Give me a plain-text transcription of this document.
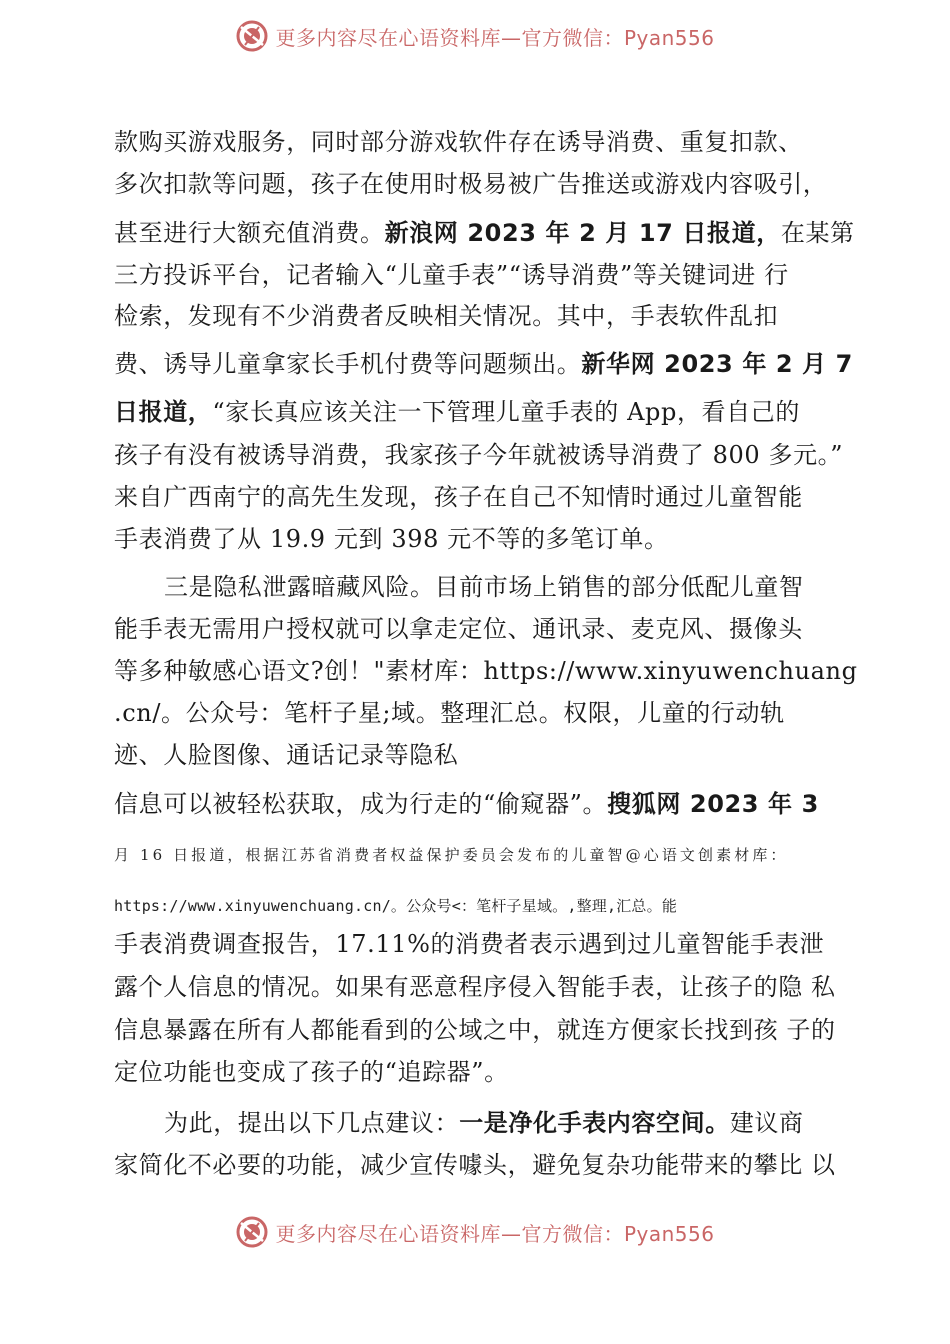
更多内容尽在心语资料库—官方微信：Pyan556
款购买游戏服务，同时部分游戏软件存在诱导消费、重复扣款、
多次扣款等问题，孩子在使用时极易被广告推送或游戏内容吸引，
甚至进行大额充值消费。新浪网 2023 年 2 月 17 日报道，在某第
三方投诉平台，记者输入“儿童手表”“诱导消费”等关键词进 行
检索，发现有不少消费者反映相关情况。其中，手表软件乱扣
费、诱导儿童拿家长手机付费等问题频出。新华网 2023 年 2 月 7
日报道，“家长真应该关注一下管理儿童手表的 App，看自己的
孩子有没有被诱导消费，我家孩子今年就被诱导消费了 800 多元。”
来自广西南宁的高先生发现，孩子在自己不知情时通过儿童智能
手表消费了从 19.9 元到 398 元不等的多笔订单。
三是隐私泄露暗藏风险。目前市场上销售的部分低配儿童智
能手表无需用户授权就可以拿走定位、通讯录、麦克风、摄像头
等多种敏感心语文?创！"素材库：https://www.xinyuwenchuang
.cn/。公众号：笔杆子星;域。整理汇总。权限，儿童的行动轨
迹、人脸图像、通话记录等隐私
信息可以被轻松获取，成为行走的“偷窥器”。搜狐网 2023 年 3
月 16 日报道，根据江苏省消费者权益保护委员会发布的儿童智@心语文创素材库：
https://www.xinyuwenchuang.cn/。公众号<：笔杆子星域。,整理,汇总。能
手表消费调查报告，17.11%的消费者表示遇到过儿童智能手表泄
露个人信息的情况。如果有恶意程序侵入智能手表，让孩子的隐 私
信息暴露在所有人都能看到的公域之中，就连方便家长找到孩 子的
定位功能也变成了孩子的“追踪器”。
为此，提出以下几点建议：一是净化手表内容空间。建议商
家简化不必要的功能，减少宣传噱头，避免复杂功能带来的攀比 以
更多内容尽在心语资料库—官方微信：Pyan556
